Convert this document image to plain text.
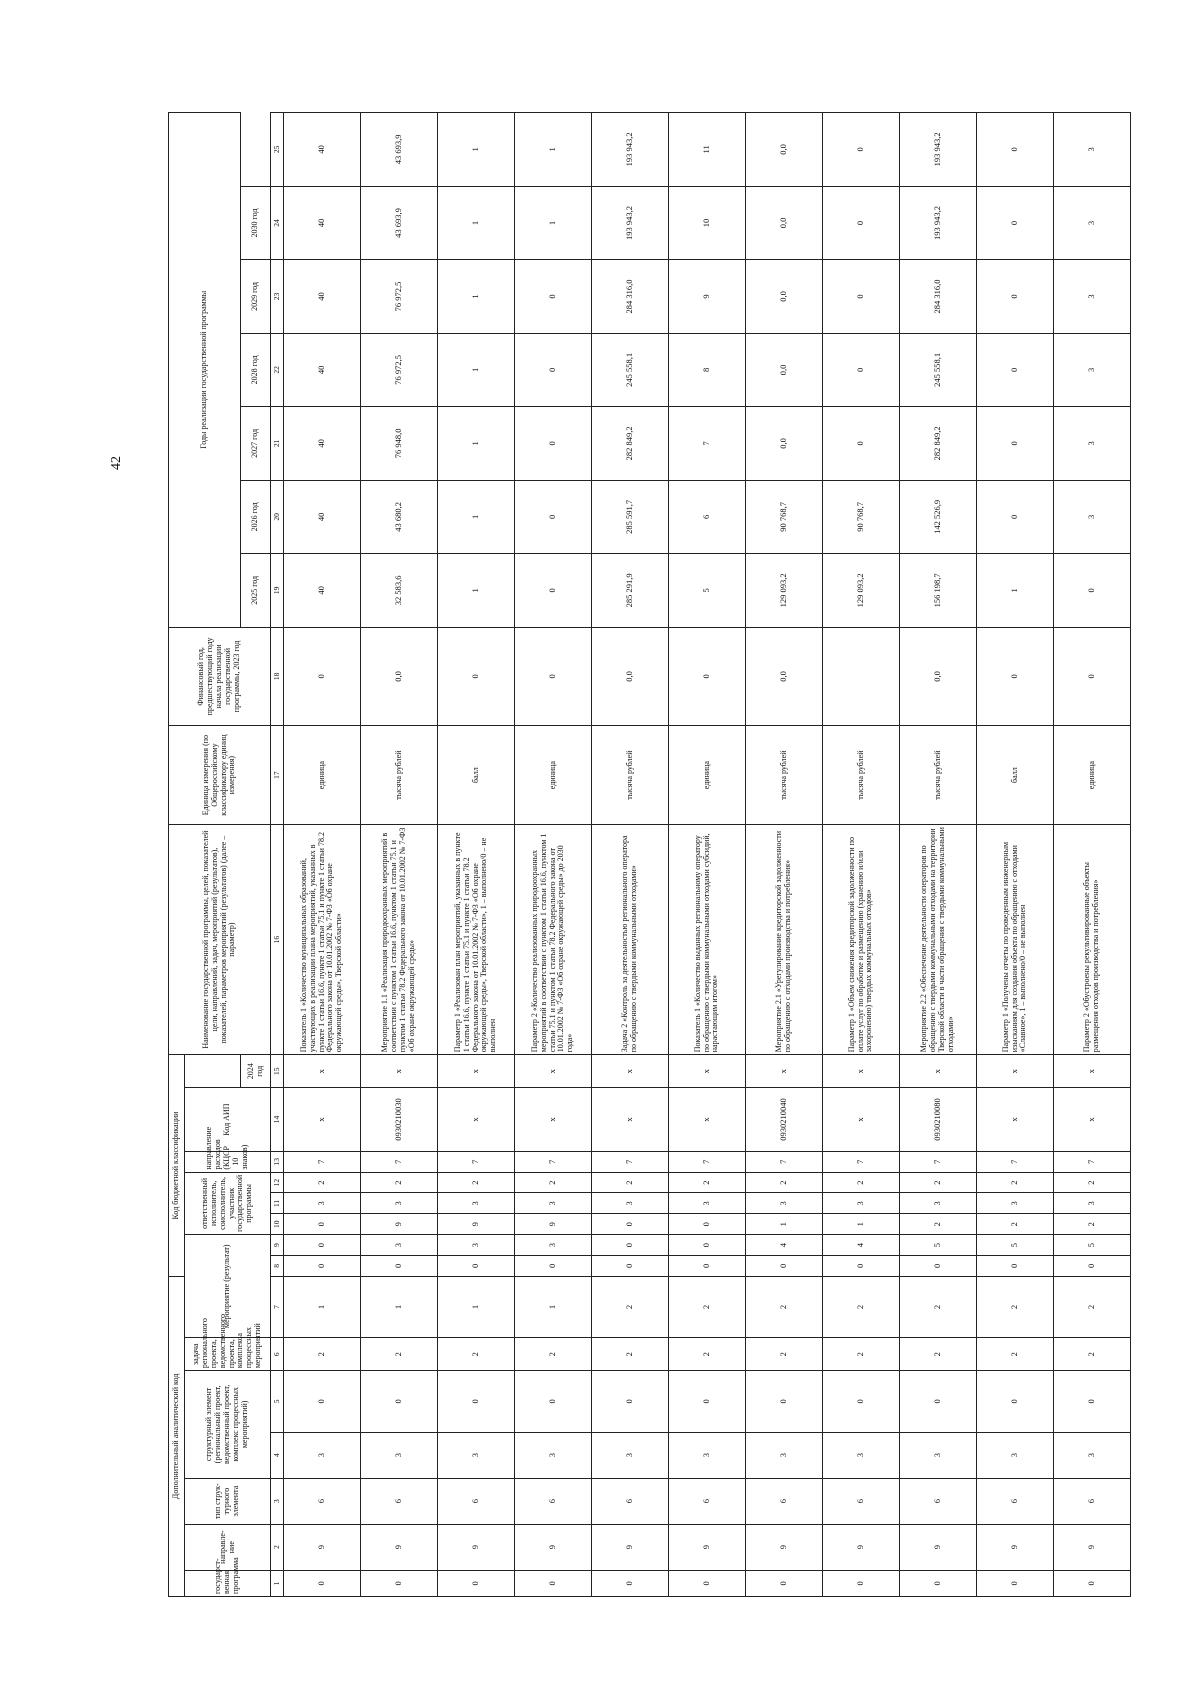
42
Дополнительный аналитический код							Код бюджетной классификации								Наименование государственной программы, целей, показателей цели, направлений, задач, мероприятий (результатов), показателей, параметров мероприятий (результатов) (далее – параметр)	Единица измерения (по Общероссийскому классификатору единиц измерения)	Финансовый год, предшествующий году начала реализации государственной программы, 2023 год	Годы реализации государственной программы						
государст-венная программа	направле-ние	тип струк-турного элемента	структурный элемент (региональный проект, ведомственный проект, комплекс процессных мероприятий)		задача регионального проекта, ведомственного проекта, комплекса процессных мероприятий	мероприятие (результат)			ответственный исполнитель, соисполнитель, участник государственной программы			направление расходов (КЦСР 10 знаков)	Код АИП											
														2024 год				2025 год	2026 год	2027 год	2028 год	2029 год	2030 год	
1	2	3	4	5	6	7	8	9	10	11	12	13	14	15	16	17	18	19	20	21	22	23	24	25
0	9	6	3	0	2	1	0	0	0	3	2	7	х	х	Показатель 1 «Количество муниципальных образований, участвующих в реализации плана мероприятий, указанных в пункте 1 статьи 16.6, пункте 1 статьи 75.1 и пункте 1 статьи 78.2 Федерального закона от 10.01.2002 № 7-ФЗ «Об охране окружающей среды», Тверской области»	единица	0	40	40	40	40	40	40	40
0	9	6	3	0	2	1	0	3	9	3	2	7	0930210030	х	Мероприятие 1.1 «Реализация природоохранных мероприятий в соответствии с пунктом 1 статьи 16.6, пунктом 1 статьи 75.1 и пунктом 1 статьи 78.2 Федерального закона от 10.01.2002 № 7-ФЗ «Об охране окружающей среды»	тысяча рублей	0,0	32 583,6	43 680,2	76 948,0	76 972,5	76 972,5	43 693,9	43 693,9
0	9	6	3	0	2	1	0	3	9	3	2	7	х	х	Параметр 1 «Реализован план мероприятий, указанных в пункте 1 статьи 16.6, пункте 1 статьи 75.1 и пункте 1 статьи 78.2 Федерального закона от 10.01.2002 № 7-ФЗ «Об охране окружающей среды», Тверской области», 1 – выполнено/0 – не выполнен	балл	0	1	1	1	1	1	1	1
0	9	6	3	0	2	1	0	3	9	3	2	7	х	х	Параметр 2 «Количество реализованных природоохранных мероприятий в соответствии с пунктом 1 статьи 16.6, пунктом 1 статьи 75.1 и пунктом 1 статьи 78.2 Федерального закона от 10.01.2002 № 7-ФЗ «Об охране окружающей среды» до 2030 года»	единица	0	0	0	0	0	0	1	1
0	9	6	3	0	2	2	0	0	0	3	2	7	х	х	Задача 2 «Контроль за деятельностью регионального оператора по обращению с твердыми коммунальными отходами»	тысяча рублей	0,0	285 291,9	285 591,7	282 849,2	245 558,1	284 316,0	193 943,2	193 943,2
0	9	6	3	0	2	2	0	0	0	3	2	7	х	х	Показатель 1 «Количество выданных региональному оператору по обращению с твердыми коммунальными отходами субсидий, нарастающим итогом»	единица	0	5	6	7	8	9	10	11
0	9	6	3	0	2	2	0	4	1	3	2	7	0930210040	х	Мероприятие 2.1 «Урегулирование кредиторской задолженности по обращению с отходами производства и потребления»	тысяча рублей	0,0	129 093,2	90 768,7	0,0	0,0	0,0	0,0	0,0
0	9	6	3	0	2	2	0	4	1	3	2	7	х	х	Параметр 1 «Объем снижения кредиторской задолженности по оплате услуг по обработке и размещению (хранению и/или захоронению) твердых коммунальных отходов»	тысяча рублей		129 093,2	90 768,7	0	0	0	0	0
0	9	6	3	0	2	2	0	5	2	3	2	7	0930210080	х	Мероприятие 2.2 «Обеспечение деятельности операторов по обращению с твердыми коммунальными отходами на территории Тверской области в части обращения с твердыми коммунальными отходами»	тысяча рублей	0,0	156 198,7	142 526,9	282 849,2	245 558,1	284 316,0	193 943,2	193 943,2
0	9	6	3	0	2	2	0	5	2	3	2	7	х	х	Параметр 1 «Получены отчеты по проведенным инженерным изысканиям для создания объекта по обращению с отходами «Славное», 1 – выполнено/0 – не выполнен	балл	0	1	0	0	0	0	0	0
0	9	6	3	0	2	2	0	5	2	3	2	7	х	х	Параметр 2 «Обустроены рекультивированные объекты размещения отходов производства и потребления»	единица	0	0	3	3	3	3	3	3
